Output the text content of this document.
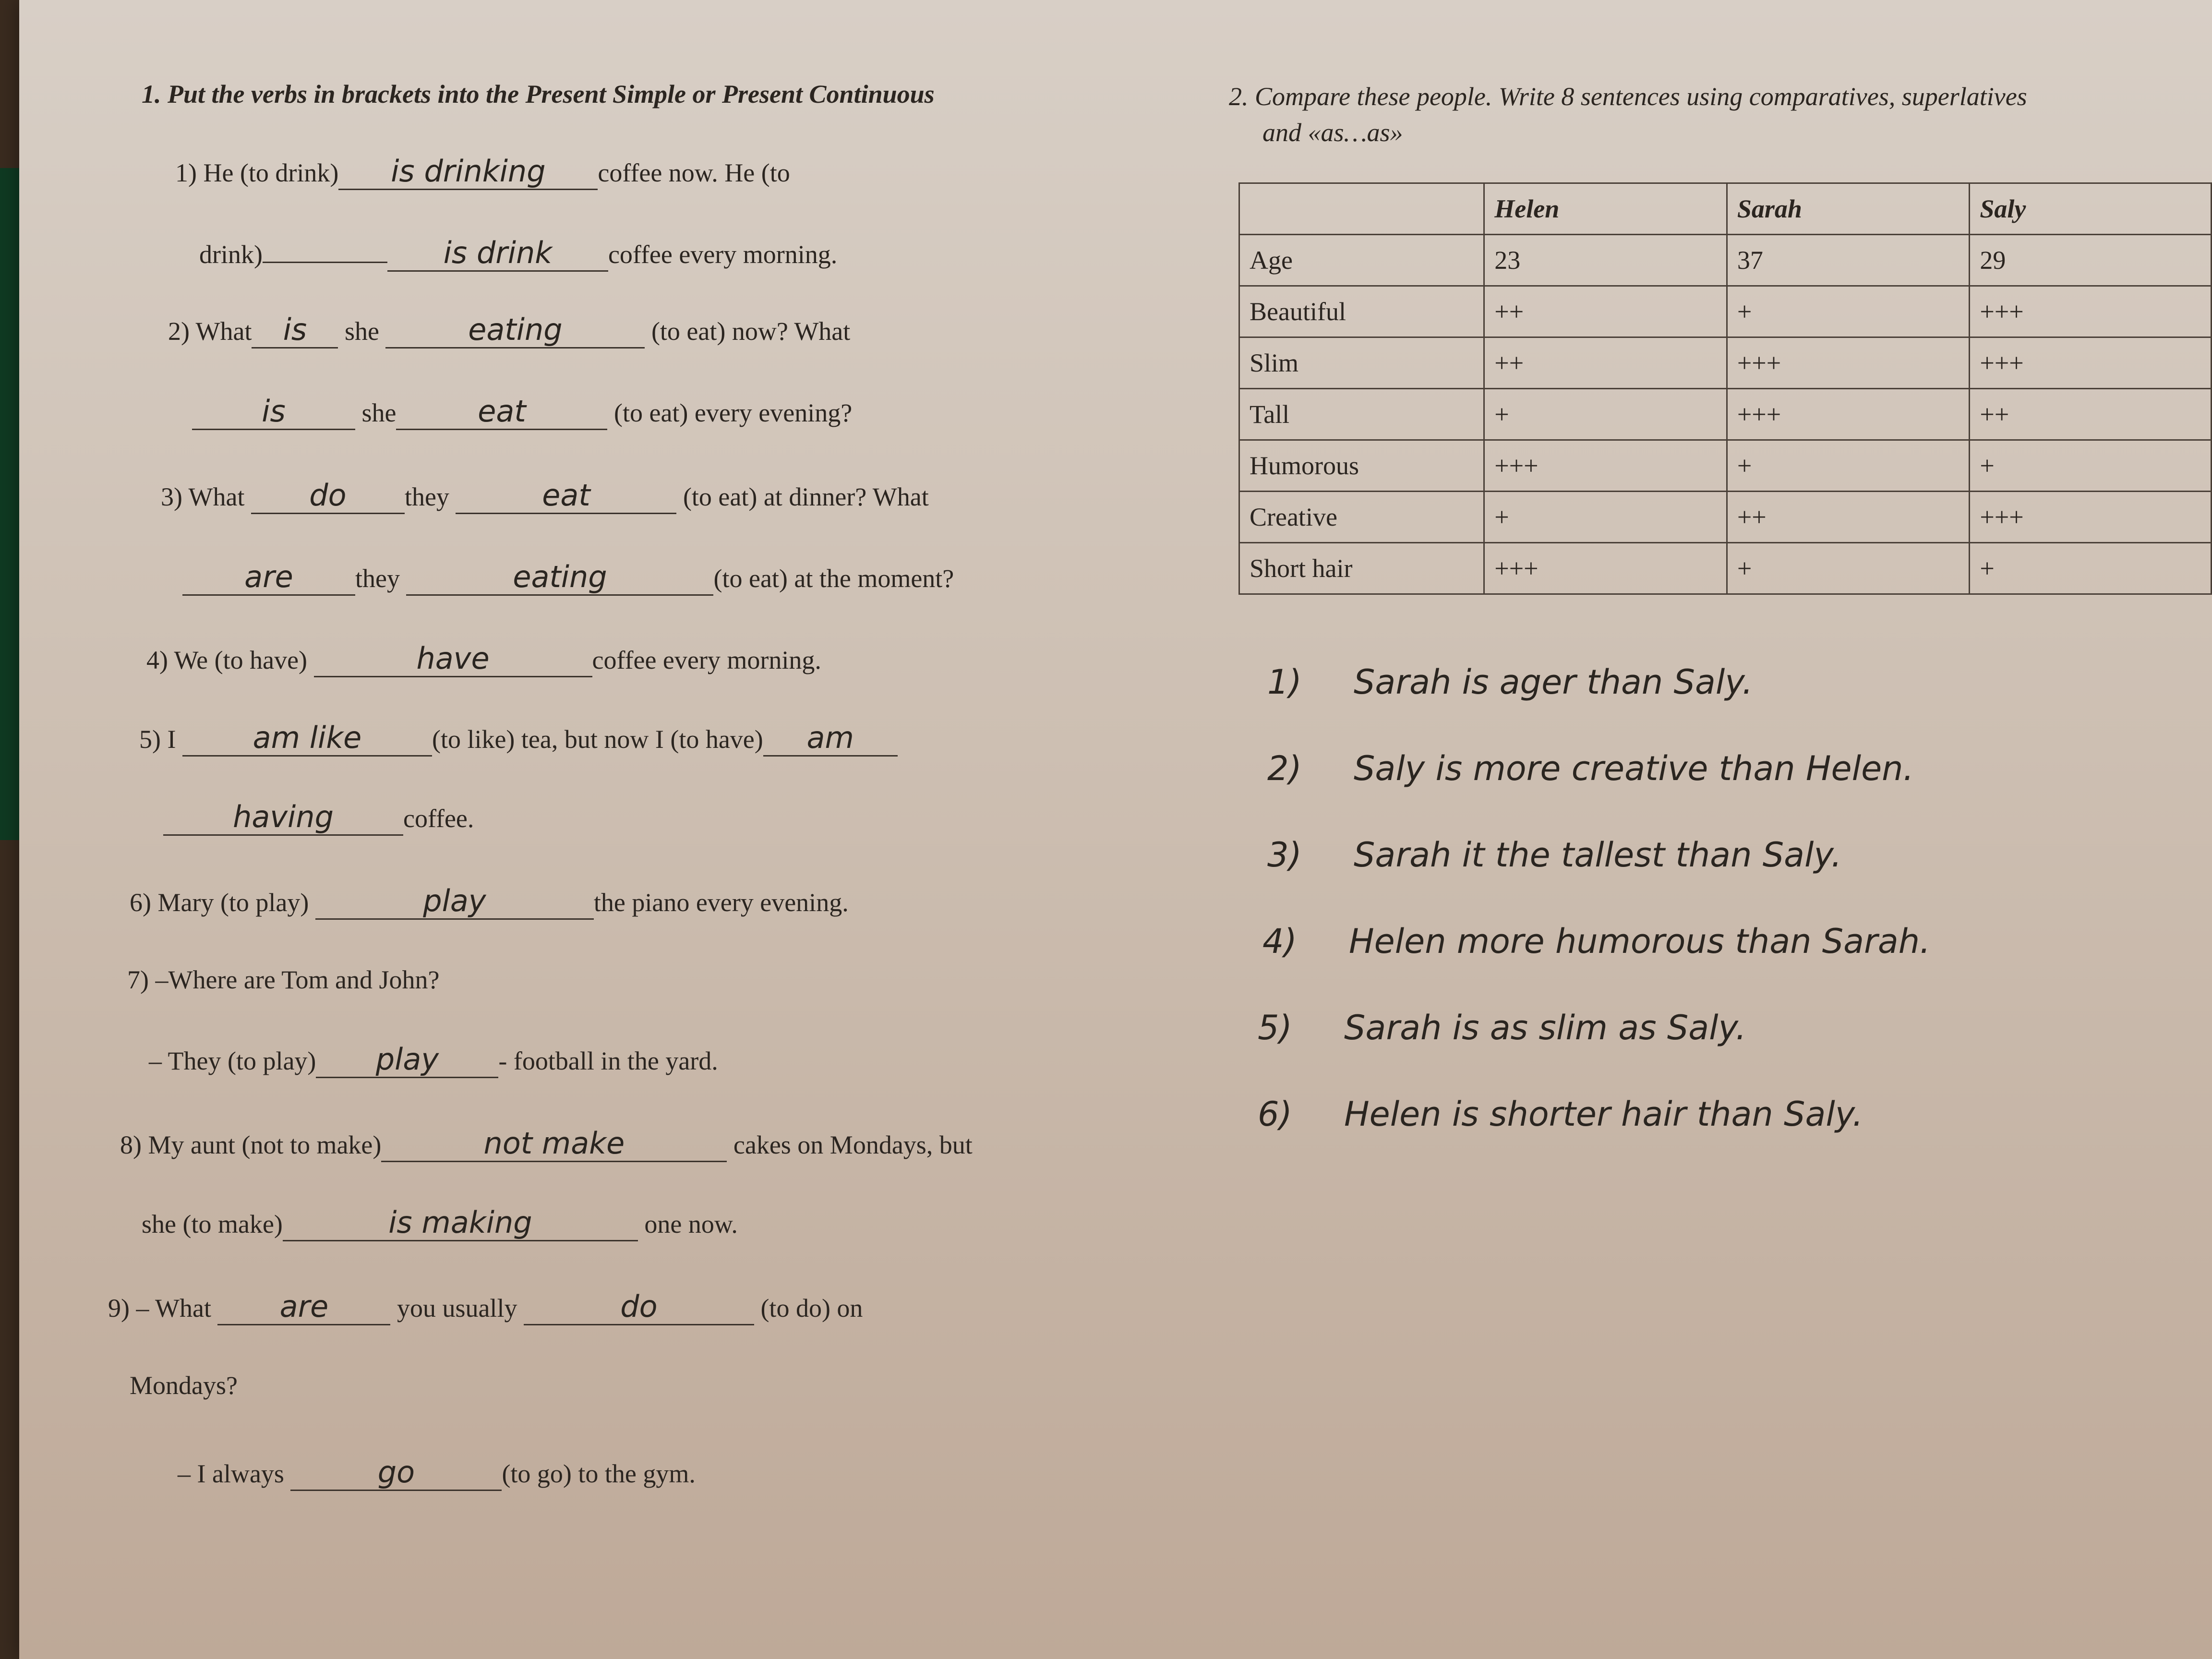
1. Put the verbs in brackets into the Present Simple or Present Continuous
1) He (to drink) is drinking coffee now. He (to
drink)	is drink coffee every morning.
2) What is she	eating	(to eat) now? What
is	she	eat	(to eat) every evening?
3) What do they	eat	(to eat) at dinner? What
are they	eating	(to eat) at the moment?
4) We (to have)	have	coffee every morning.
5) I	am like	(to like) tea, but now I (to have) am
having	coffee.
6) Mary (to play)	play	the piano every evening.
7) –Where are Tom and John?
– They (to play) play - football in the yard.
8) My aunt (not to make)	not make	cakes on Mondays, but
she (to make)	is making	one now.
9) – What are	you usually	do	(to do) on
Mondays?
– I always	go	(to go) to the gym.
2. Compare these people. Write 8 sentences using comparatives, superlatives
and «as…as»
	Helen	Sarah	Saly
Age	23	37	29
Beautiful	++	+	+++
Slim	++	+++	+++
Tall	+	+++	++
Humorous	+++	+	+
Creative	+	++	+++
Short hair	+++	+	+
1) Sarah is ager than Saly.
2) Saly is more creative than Helen.
3) Sarah it the tallest than Saly.
4) Helen more humorous than Sarah.
5) Sarah is as slim as Saly.
6) Helen is shorter hair than Saly.
